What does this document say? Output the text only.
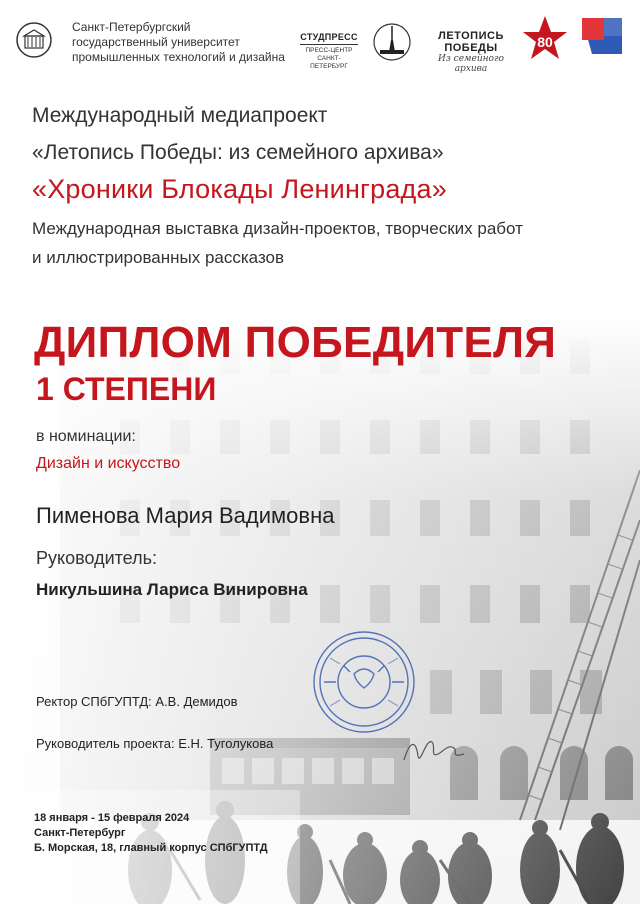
Санкт-Петербургский
государственный университет
промышленных технологий и дизайна
СТУДПРЕСС
ПРЕСС-ЦЕНТР
САНКТ-ПЕТЕРБУРГ
ЛЕТОПИСЬ ПОБЕДЫ
Из семейного архива
80
Международный медиапроект
«Летопись Победы: из семейного архива»
«Хроники Блокады Ленинграда»
Международная выставка дизайн-проектов, творческих работ
и иллюстрированных рассказов
ДИПЛОМ ПОБЕДИТЕЛЯ
1 СТЕПЕНИ
в номинации:
Дизайн и искусство
Пименова Мария Вадимовна
Руководитель:
Никульшина Лариса Винировна
Ректор СПбГУПТД: А.В. Демидов
Руководитель проекта: Е.Н. Туголукова
18 января - 15 февраля 2024
Санкт-Петербург
Б. Морская, 18, главный корпус СПбГУПТД
